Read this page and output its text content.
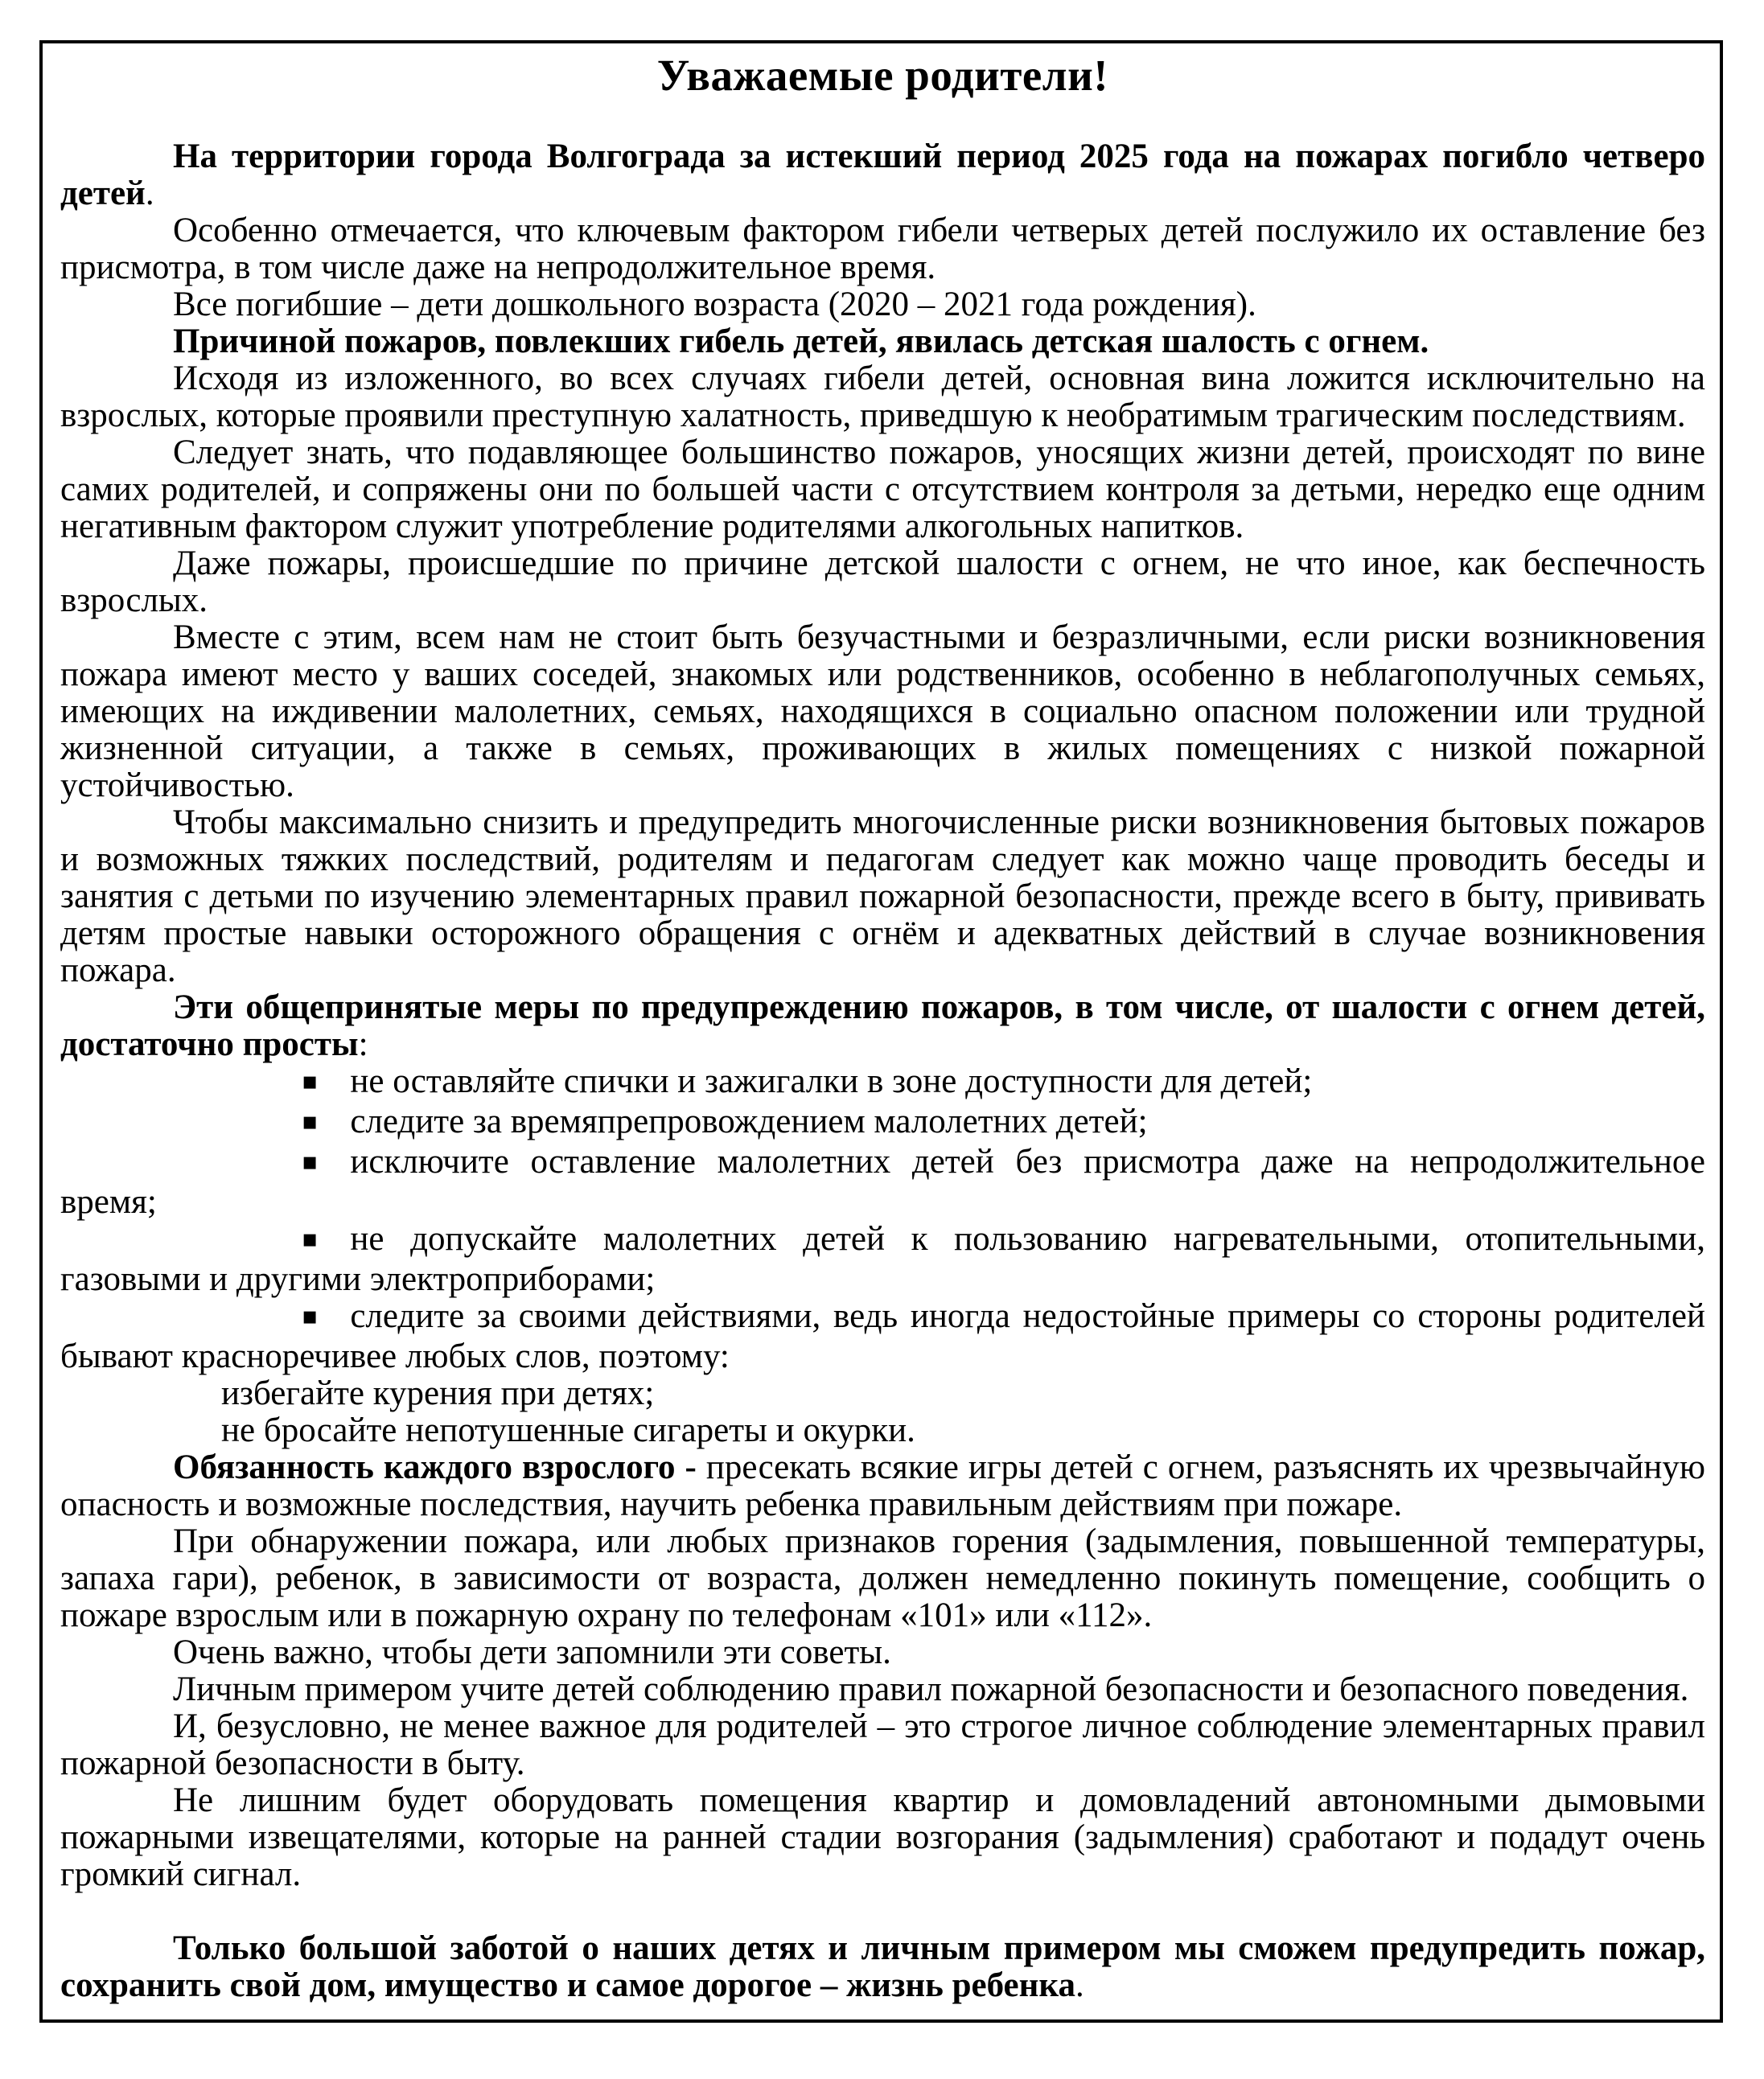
Уважаемые родители!

На территории города Волгограда за истекший период 2025 года на пожарах погибло четверо детей.

Особенно отмечается, что ключевым фактором гибели четверых детей послужило их оставление без присмотра, в том числе даже на непродолжительное время.

Все погибшие – дети дошкольного возраста (2020 – 2021 года рождения).

Причиной пожаров, повлекших гибель детей, явилась детская шалость с огнем.

Исходя из изложенного, во всех случаях гибели детей, основная вина ложится исключительно на взрослых, которые проявили преступную халатность, приведшую к необратимым трагическим последствиям.

Следует знать, что подавляющее большинство пожаров, уносящих жизни детей, происходят по вине самих родителей, и сопряжены они по большей части с отсутствием контроля за детьми, нередко еще одним негативным фактором служит употребление родителями алкогольных напитков.

Даже пожары, происшедшие по причине детской шалости с огнем, не что иное, как беспечность взрослых.

Вместе с этим, всем нам не стоит быть безучастными и безразличными, если риски возникновения пожара имеют место у ваших соседей, знакомых или родственников, особенно в неблагополучных семьях, имеющих на иждивении малолетних, семьях, находящихся в социально опасном положении или трудной жизненной ситуации, а также в семьях, проживающих в жилых помещениях с низкой пожарной устойчивостью.

Чтобы максимально снизить и предупредить многочисленные риски возникновения бытовых пожаров и возможных тяжких последствий, родителям и педагогам следует как можно чаще проводить беседы и занятия с детьми по изучению элементарных правил пожарной безопасности, прежде всего в быту, прививать детям простые навыки осторожного обращения с огнём и адекватных действий в случае возникновения пожара.

Эти общепринятые меры по предупреждению пожаров, в том числе, от шалости с огнем детей, достаточно просты:

▪ не оставляйте спички и зажигалки в зоне доступности для детей;

▪ следите за времяпрепровождением малолетних детей;

▪ исключите оставление малолетних детей без присмотра даже на непродолжительное время;

▪ не допускайте малолетних детей к пользованию нагревательными, отопительными, газовыми и другими электроприборами;

▪ следите за своими действиями, ведь иногда недостойные примеры со стороны родителей бывают красноречивее любых слов, поэтому:

избегайте курения при детях;

не бросайте непотушенные сигареты и окурки.

Обязанность каждого взрослого - пресекать всякие игры детей с огнем, разъяснять их чрезвычайную опасность и возможные последствия, научить ребенка правильным действиям при пожаре.

При обнаружении пожара, или любых признаков горения (задымления, повышенной температуры, запаха гари), ребенок, в зависимости от возраста, должен немедленно покинуть помещение, сообщить о пожаре взрослым или в пожарную охрану по телефонам «101» или «112».

Очень важно, чтобы дети запомнили эти советы.

Личным примером учите детей соблюдению правил пожарной безопасности и безопасного поведения.

И, безусловно, не менее важное для родителей – это строгое личное соблюдение элементарных правил пожарной безопасности в быту.

Не лишним будет оборудовать помещения квартир и домовладений автономными дымовыми пожарными извещателями, которые на ранней стадии возгорания (задымления) сработают и подадут очень громкий сигнал.

Только большой заботой о наших детях и личным примером мы сможем предупредить пожар, сохранить свой дом, имущество и самое дорогое – жизнь ребенка.
